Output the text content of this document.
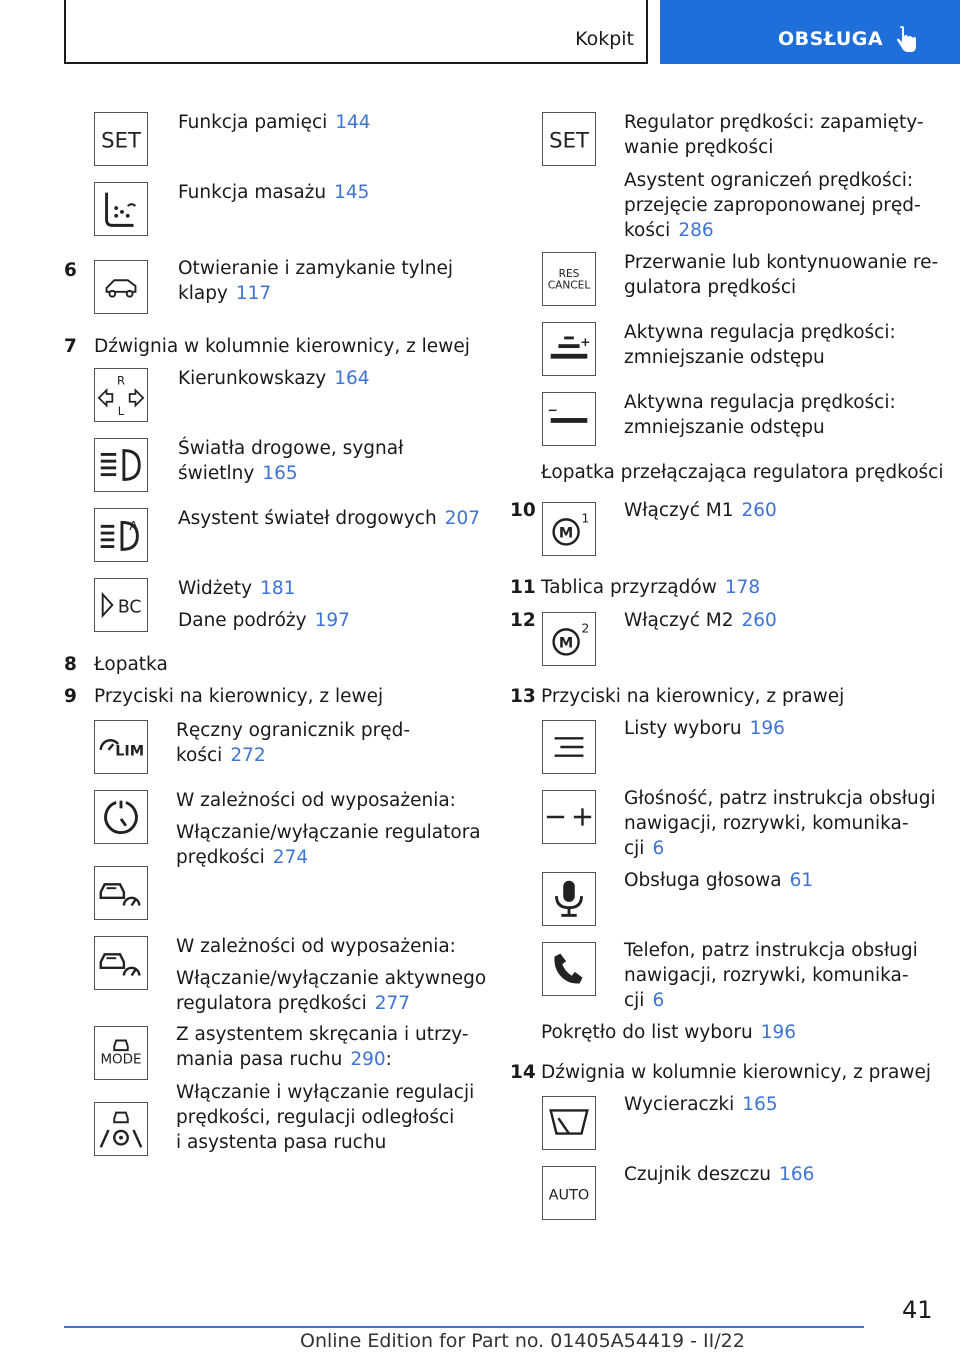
Kokpit	OBSŁUGA
SET
Funkcja pamięci 144
Funkcja masażu 145
6	Otwieranie i zamykanie tylnej
klapy 117
7 Dźwignia w kolumnie kierownicy, z lewej
R
L
Kierunkowskazy 164
Światła drogowe, sygnał
świetlny 165
A Asystent świateł drogowych 207
BC
Widżety 181
Dane podróży 197
8 Łopatka
9 Przyciski na kierownicy, z lewej
LIM
Ręczny ogranicznik pręd-
kości 272
W zależności od wyposażenia:
Włączanie/wyłączanie regulatora
prędkości 274
W zależności od wyposażenia:
Włączanie/wyłączanie aktywnego
regulatora prędkości 277
MODE
Z asystentem skręcania i utrzy-
mania pasa ruchu 290:
Włączanie i wyłączanie regulacji
prędkości, regulacji odległości
i asystenta pasa ruchu
SET
Regulator prędkości: zapamięty-
wanie prędkości
Asystent ograniczeń prędkości:
przejęcie zaproponowanej pręd-
kości 286
RES
CANCEL
Przerwanie lub kontynuowanie re-
gulatora prędkości
Aktywna regulacja prędkości:
zmniejszanie odstępu
Aktywna regulacja prędkości:
zmniejszanie odstępu
Łopatka przełączająca regulatora prędkości
10
M
1 Włączyć M1 260
11 Tablica przyrządów 178
12
M
2 Włączyć M2 260
13 Przyciski na kierownicy, z prawej
Listy wyboru 196
Głośność, patrz instrukcja obsługi
nawigacji, rozrywki, komunika-
cji 6
Obsługa głosowa 61
Telefon, patrz instrukcja obsługi
nawigacji, rozrywki, komunika-
cji 6
Pokrętło do list wyboru 196
14 Dźwignia w kolumnie kierownicy, z prawej
Wycieraczki 165
AUTO
Czujnik deszczu 166
41
Online Edition for Part no. 01405A54419 - II/22
